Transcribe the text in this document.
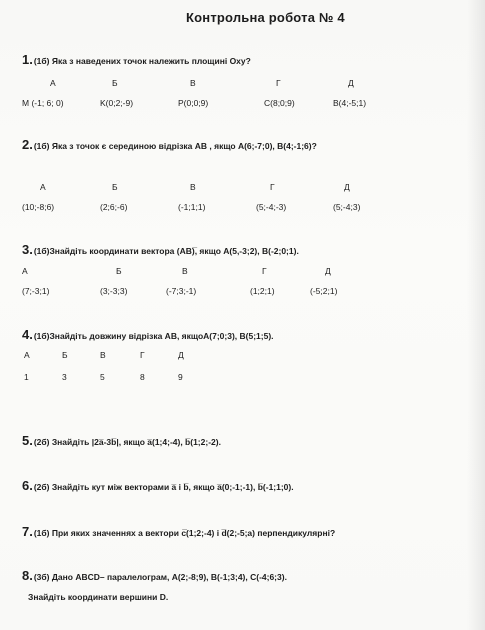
Контрольна робота № 4
1.(1б) Яка з наведених точок належить площині Oxy?
А	Б	В	Г	Д
M (-1; 6; 0)	K(0;2;-9)	P(0;0;9)	C(8;0;9)	B(4;-5;1)
2.(1б) Яка з точок є серединою відрізка АВ , якщо А(6;-7;0), В(4;-1;6)?
А	Б	В	Г	Д
(10;-8;6)	(2;6;-6)	(-1;1;1)	(5;-4;-3)	(5;-4;3)
3.(1б)Знайдіть координати вектора (АВ)̅, якщо А(5,-3;2), В(-2;0;1).
А	Б	В	Г	Д
(7;-3;1)	(3;-3;3)	(-7;3;-1)	(1;2;1)	(-5;2;1)
4.(1б)Знайдіть довжину відрізка АВ, якщоА(7;0;3), В(5;1;5).
А	Б	В	Г	Д
1	3	5	8	9
5.(2б) Знайдіть |2a̅-3b̅|, якщо a̅(1;4;-4), b̅(1;2;-2).
6.(2б) Знайдіть кут між векторами a̅ і b̅, якщо a̅(0;-1;-1), b̅(-1;1;0).
7.(1б) При яких значеннях a вектори c̅(1;2;-4) і d̅(2;-5;a) перпендикулярні?
8.(3б) Дано ABCD– паралелограм, A(2;-8;9), B(-1;3;4), C(-4;6;3).
Знайдіть координати вершини D.
